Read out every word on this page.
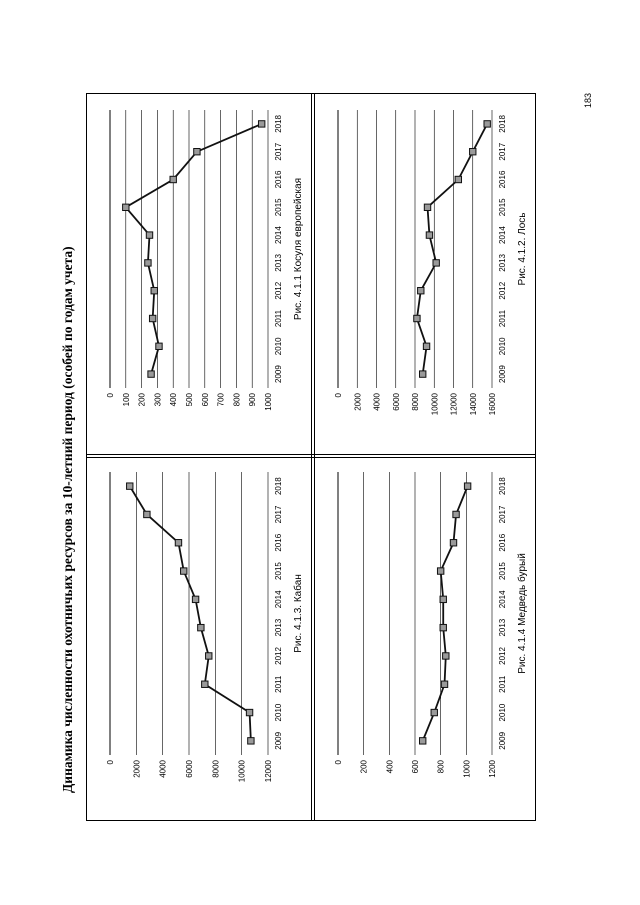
183
Динамика численности охотничьих ресурсов за 10-летний период (особей по годам учета)	0 100 200 300 400 500 600 700 800 900 1000
2009
2010
2011
2012
2013
2014
2015
2016
2017
2018
Рис. 4.1.1 Косуля европейская
0 2000 4000 6000 8000 10000 12000 14000 16000
2009
2010
2011
2012
2013
2014
2015
2016
2017
2018
Рис. 4.1.2. Лось
0 2000 4000 6000 8000 10000 12000
2009
2010
2011
2012
2013
2014
2015
2016
2017
2018
Рис. 4.1.3. Кабан
0 200 400 600 800 1000 1200
2009
2010
2011
2012
2013
2014
2015
2016
2017
2018
Рис. 4.1.4 Медведь бурый
